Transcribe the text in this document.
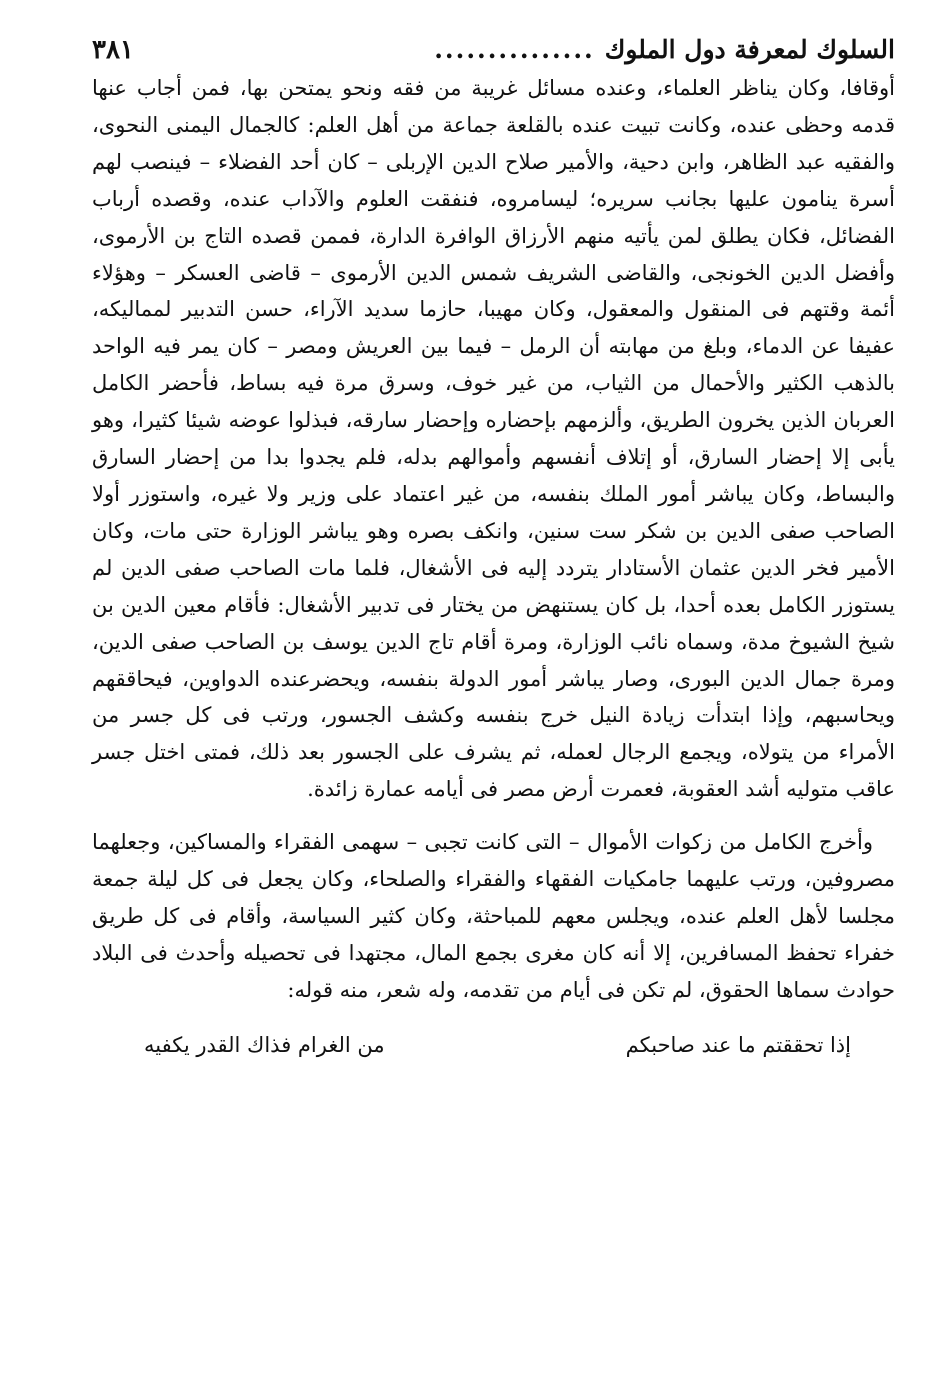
السلوك لمعرفة دول الملوك
...............
٣٨١

أوقافا، وكان يناظر العلماء، وعنده مسائل غريبة من فقه ونحو يمتحن بها، فمن أجاب عنها قدمه وحظى عنده، وكانت تبيت عنده بالقلعة جماعة من أهل العلم: كالجمال اليمنى النحوى، والفقيه عبد الظاهر، وابن دحية، والأمير صلاح الدين الإربلى – كان أحد الفضلاء – فينصب لهم أسرة ينامون عليها بجانب سريره؛ ليسامروه، فنفقت العلوم والآداب عنده، وقصده أرباب الفضائل، فكان يطلق لمن يأتيه منهم الأرزاق الوافرة الدارة، فممن قصده التاج بن الأرموى، وأفضل الدين الخونجى، والقاضى الشريف شمس الدين الأرموى – قاضى العسكر – وهؤلاء أئمة وقتهم فى المنقول والمعقول، وكان مهيبا، حازما سديد الآراء، حسن التدبير لمماليكه، عفيفا عن الدماء، وبلغ من مهابته أن الرمل – فيما بين العريش ومصر – كان يمر فيه الواحد بالذهب الكثير والأحمال من الثياب، من غير خوف، وسرق مرة فيه بساط، فأحضر الكامل العربان الذين يخرون الطريق، وألزمهم بإحضاره وإحضار سارقه، فبذلوا عوضه شيئا كثيرا، وهو يأبى إلا إحضار السارق، أو إتلاف أنفسهم وأموالهم بدله، فلم يجدوا بدا من إحضار السارق والبساط، وكان يباشر أمور الملك بنفسه، من غير اعتماد على وزير ولا غيره، واستوزر أولا الصاحب صفى الدين بن شكر ست سنين، وانكف بصره وهو يباشر الوزارة حتى مات، وكان الأمير فخر الدين عثمان الأستادار يتردد إليه فى الأشغال، فلما مات الصاحب صفى الدين لم يستوزر الكامل بعده أحدا، بل كان يستنهض من يختار فى تدبير الأشغال: فأقام معين الدين بن شيخ الشيوخ مدة، وسماه نائب الوزارة، ومرة أقام تاج الدين يوسف بن الصاحب صفى الدين، ومرة جمال الدين البورى، وصار يباشر أمور الدولة بنفسه، ويحضرعنده الدواوين، فيحاققهم ويحاسبهم، وإذا ابتدأت زيادة النيل خرج بنفسه وكشف الجسور، ورتب فى كل جسر من الأمراء من يتولاه، ويجمع الرجال لعمله، ثم يشرف على الجسور بعد ذلك، فمتى اختل جسر عاقب متوليه أشد العقوبة، فعمرت أرض مصر فى أيامه عمارة زائدة.

وأخرج الكامل من زكوات الأموال – التى كانت تجبى – سهمى الفقراء والمساكين، وجعلهما مصروفين، ورتب عليهما جامكيات الفقهاء والفقراء والصلحاء، وكان يجعل فى كل ليلة جمعة مجلسا لأهل العلم عنده، ويجلس معهم للمباحثة، وكان كثير السياسة، وأقام فى كل طريق خفراء تحفظ المسافرين، إلا أنه كان مغرى بجمع المال، مجتهدا فى تحصيله وأحدث فى البلاد حوادث سماها الحقوق، لم تكن فى أيام من تقدمه، وله شعر، منه قوله:

إذا تحققتم ما عند صاحبكم
من الغرام فذاك القدر يكفيه
